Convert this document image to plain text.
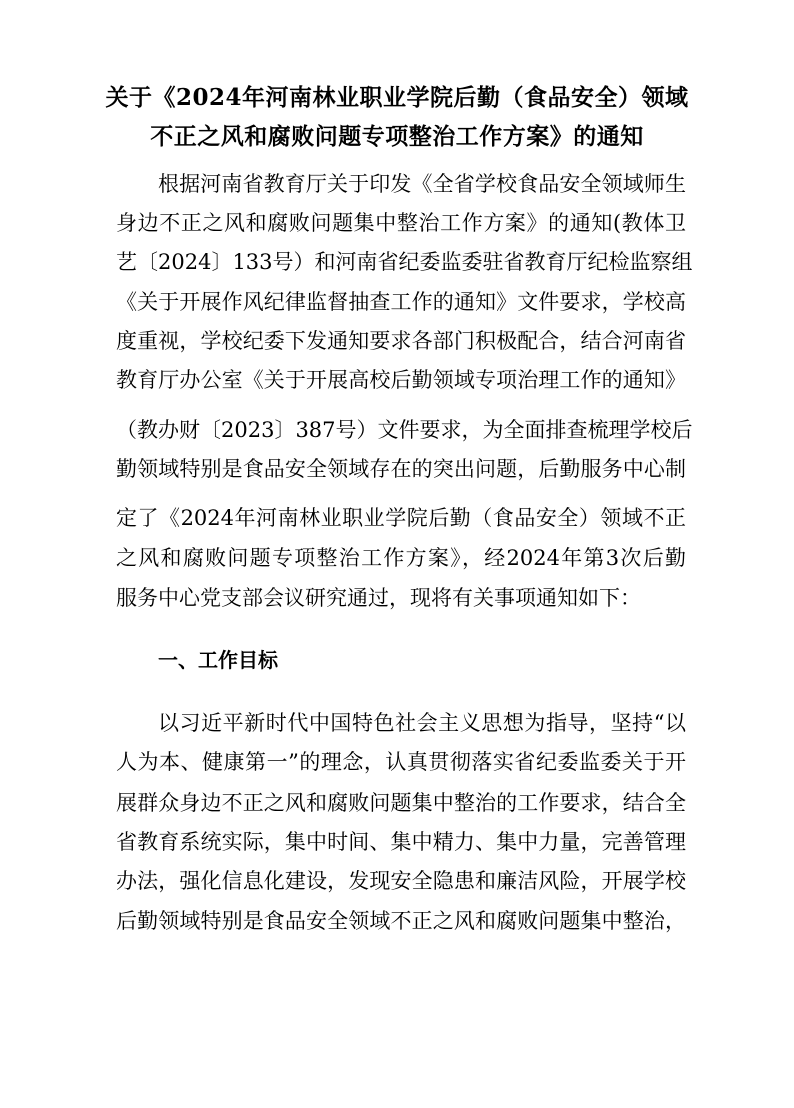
关于《2024年河南林业职业学院后勤（食品安全）领域
不正之风和腐败问题专项整治工作方案》的通知
根据河南省教育厅关于印发《全省学校食品安全领域师生
身边不正之风和腐败问题集中整治工作方案》的通知(教体卫
艺〔2024〕133号）和河南省纪委监委驻省教育厅纪检监察组
《关于开展作风纪律监督抽查工作的通知》文件要求，学校高
度重视，学校纪委下发通知要求各部门积极配合，结合河南省
教育厅办公室《关于开展高校后勤领域专项治理工作的通知》
（教办财〔2023〕387号）文件要求，为全面排查梳理学校后
勤领域特别是食品安全领域存在的突出问题，后勤服务中心制
定了《2024年河南林业职业学院后勤（食品安全）领域不正
之风和腐败问题专项整治工作方案》，经2024年第3次后勤
服务中心党支部会议研究通过，现将有关事项通知如下：
一、工作目标
以习近平新时代中国特色社会主义思想为指导，坚持“以
人为本、健康第一”的理念，认真贯彻落实省纪委监委关于开
展群众身边不正之风和腐败问题集中整治的工作要求，结合全
省教育系统实际，集中时间、集中精力、集中力量，完善管理
办法，强化信息化建设，发现安全隐患和廉洁风险，开展学校
后勤领域特别是食品安全领域不正之风和腐败问题集中整治，
